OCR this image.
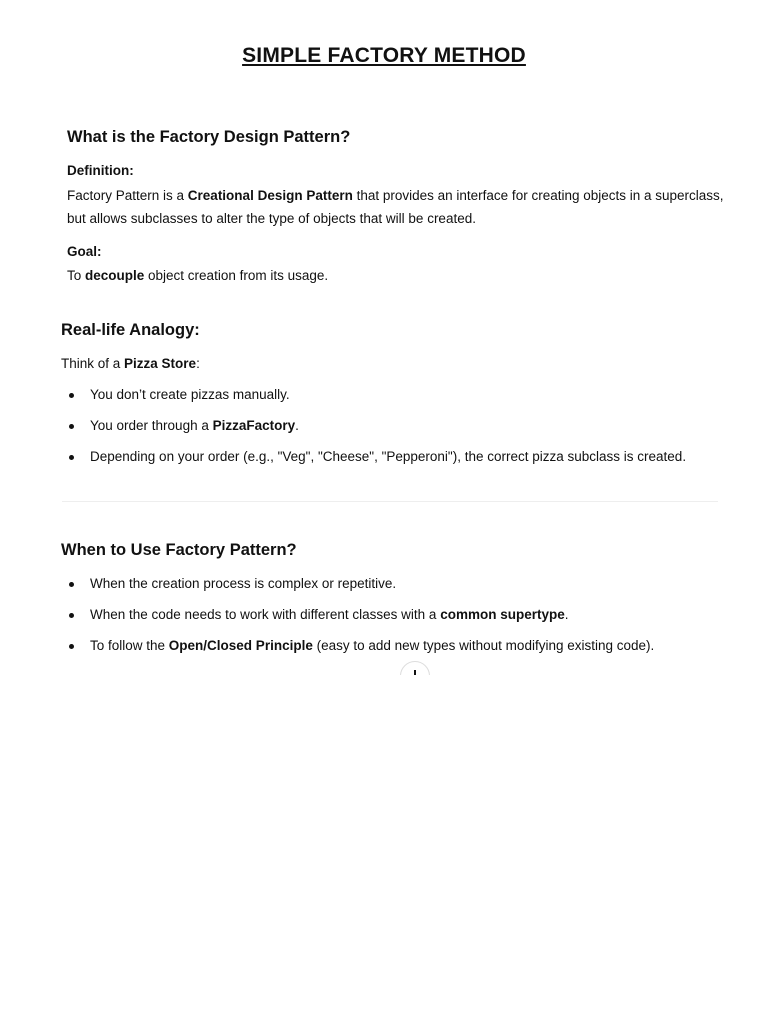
SIMPLE FACTORY METHOD

What is the Factory Design Pattern?

Definition:

Factory Pattern is a Creational Design Pattern that provides an interface for creating objects in a superclass,

but allows subclasses to alter the type of objects that will be created.

Goal:

To decouple object creation from its usage.

Real-life Analogy:

Think of a Pizza Store:

You don’t create pizzas manually.
You order through a PizzaFactory.
Depending on your order (e.g., "Veg", "Cheese", "Pepperoni"), the correct pizza subclass is created.

When to Use Factory Pattern?

When the creation process is complex or repetitive.
When the code needs to work with different classes with a common supertype.
To follow the Open/Closed Principle (easy to add new types without modifying existing code).
